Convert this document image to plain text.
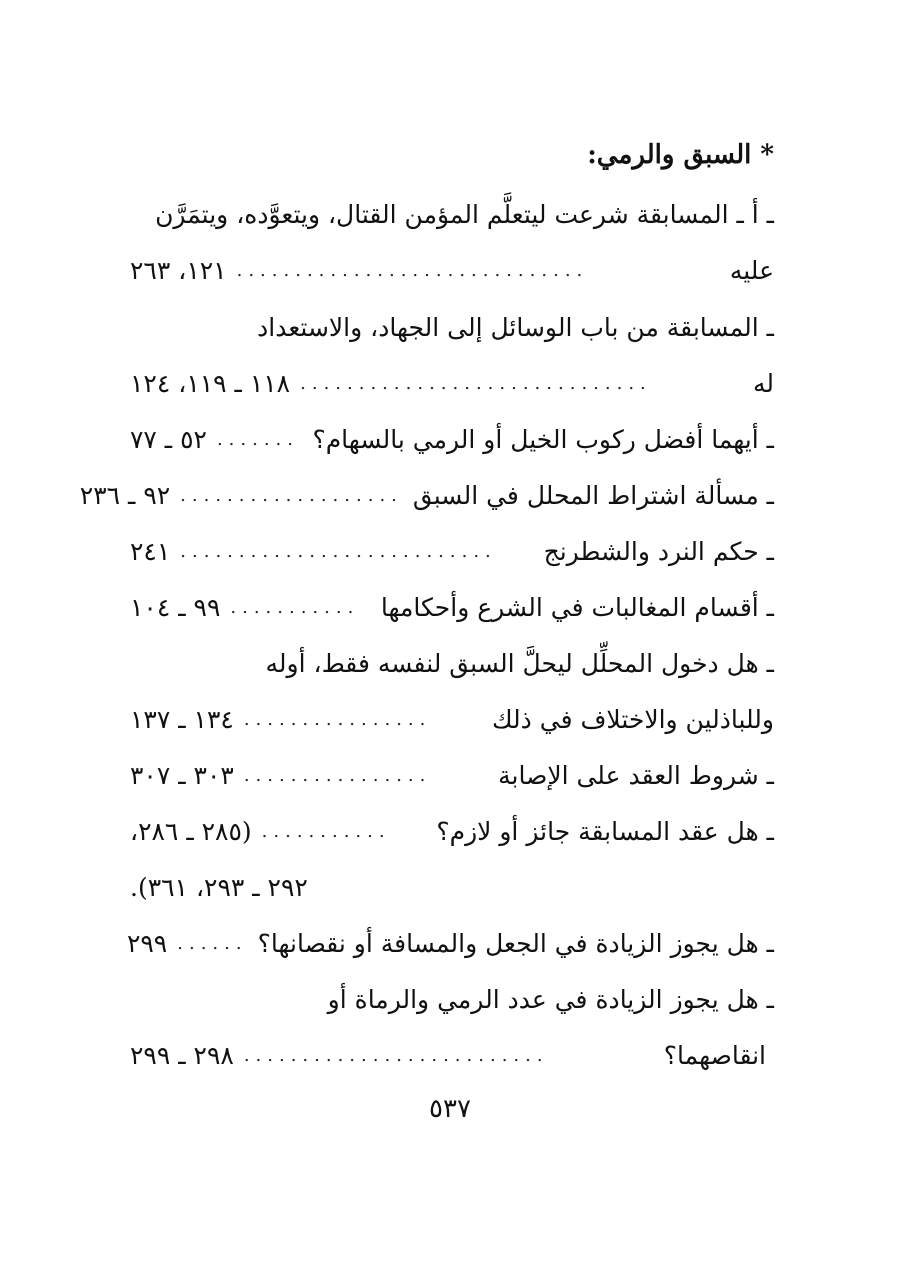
* السبق والرمي:
ـ أ ـ المسابقة شرعت ليتعلَّم المؤمن القتال، ويتعوَّده، ويتمَرَّن
عليه
..............................
١٢١، ٢٦٣
ـ المسابقة من باب الوسائل إلى الجهاد، والاستعداد
له
..............................
١١٨ ـ ١١٩، ١٢٤
ـ أيهما أفضل ركوب الخيل أو الرمي بالسهام؟
.......
٥٢ ـ ٧٧
ـ مسألة اشتراط المحلل في السبق
...................
٩٢ ـ ٢٣٦
ـ حكم النرد والشطرنج
...........................
٢٤١
ـ أقسام المغالبات في الشرع وأحكامها
...........
٩٩ ـ ١٠٤
ـ هل دخول المحلِّل ليحلَّ السبق لنفسه فقط، أوله
وللباذلين والاختلاف في ذلك
................
١٣٤ ـ ١٣٧
ـ شروط العقد على الإصابة
................
٣٠٣ ـ ٣٠٧
ـ هل عقد المسابقة جائز أو لازم؟
...........
(٢٨٥ ـ ٢٨٦،
٢٩٢ ـ ٢٩٣، ٣٦١).
ـ هل يجوز الزيادة في الجعل والمسافة أو نقصانها؟
......
٢٩٩
ـ هل يجوز الزيادة في عدد الرمي والرماة أو
انقاصهما؟
..........................
٢٩٨ ـ ٢٩٩
٥٣٧
